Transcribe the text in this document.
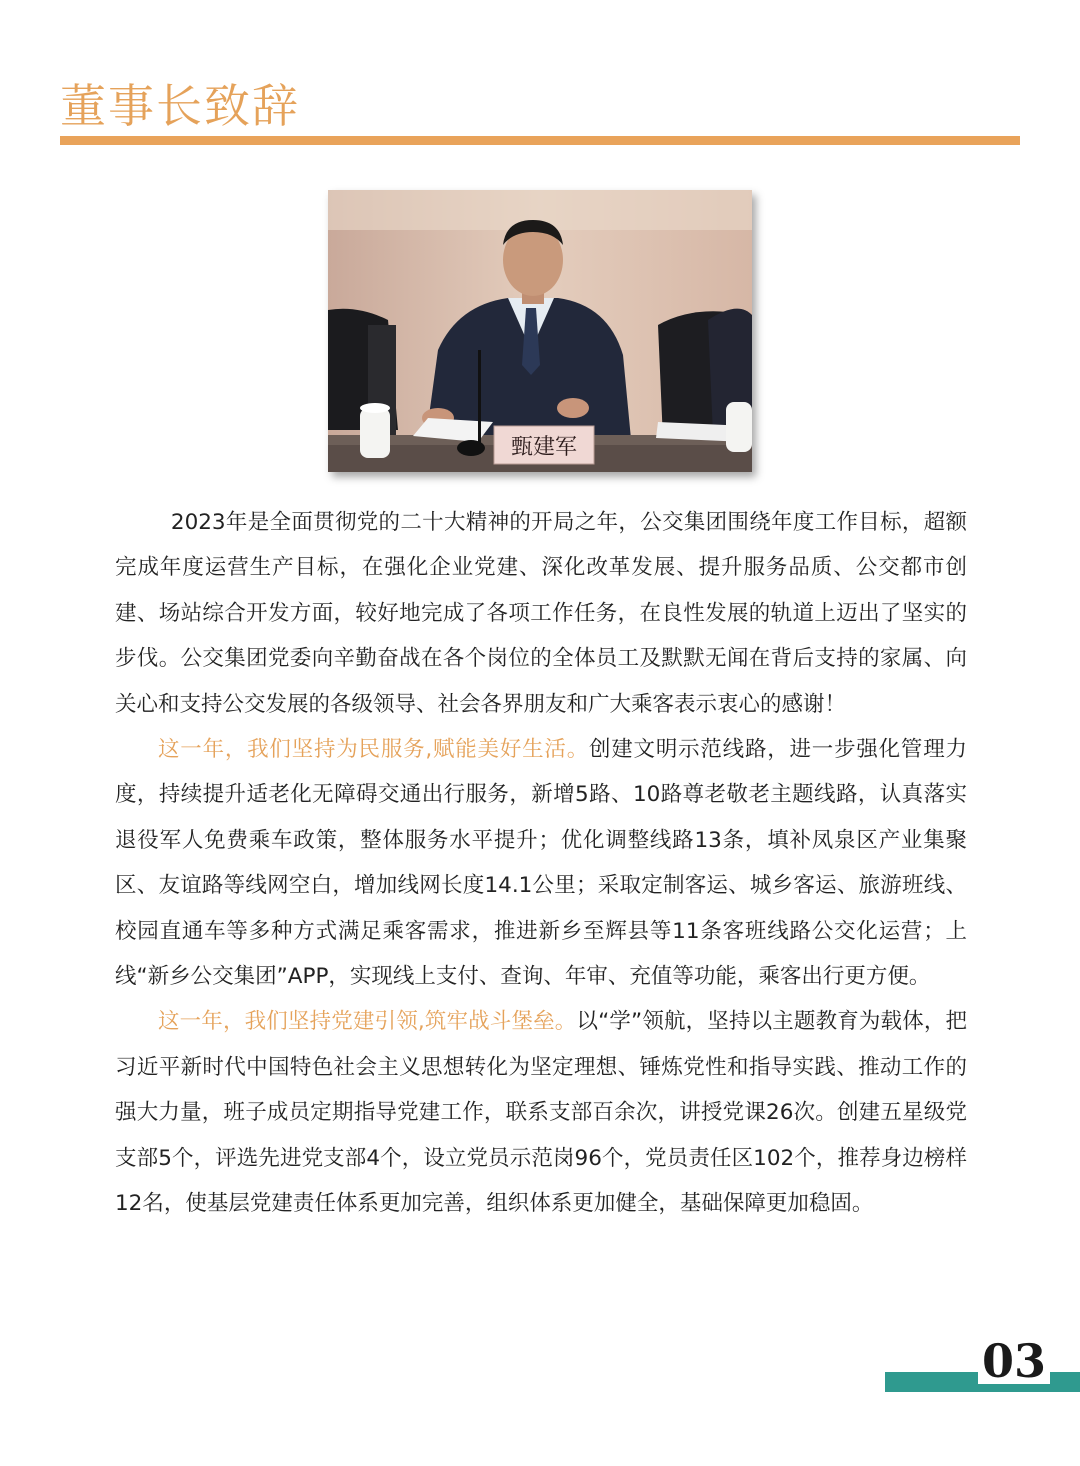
董事长致辞
甄建军

2023年是全面贯彻党的二十大精神的开局之年，公交集团围绕年度工作目标，超额完成年度运营生产目标，在强化企业党建、深化改革发展、提升服务品质、公交都市创建、场站综合开发方面，较好地完成了各项工作任务，在良性发展的轨道上迈出了坚实的步伐。公交集团党委向辛勤奋战在各个岗位的全体员工及默默无闻在背后支持的家属、向关心和支持公交发展的各级领导、社会各界朋友和广大乘客表示衷心的感谢！

这一年，我们坚持为民服务,赋能美好生活。创建文明示范线路，进一步强化管理力度，持续提升适老化无障碍交通出行服务，新增5路、10路尊老敬老主题线路，认真落实退役军人免费乘车政策，整体服务水平提升；优化调整线路13条，填补凤泉区产业集聚区、友谊路等线网空白，增加线网长度14.1公里；采取定制客运、城乡客运、旅游班线、校园直通车等多种方式满足乘客需求，推进新乡至辉县等11条客班线路公交化运营；上线“新乡公交集团”APP，实现线上支付、查询、年审、充值等功能，乘客出行更方便。

这一年，我们坚持党建引领,筑牢战斗堡垒。以“学”领航，坚持以主题教育为载体，把习近平新时代中国特色社会主义思想转化为坚定理想、锤炼党性和指导实践、推动工作的强大力量，班子成员定期指导党建工作，联系支部百余次，讲授党课26次。创建五星级党支部5个，评选先进党支部4个，设立党员示范岗96个，党员责任区102个，推荐身边榜样12名，使基层党建责任体系更加完善，组织体系更加健全，基础保障更加稳固。

03
